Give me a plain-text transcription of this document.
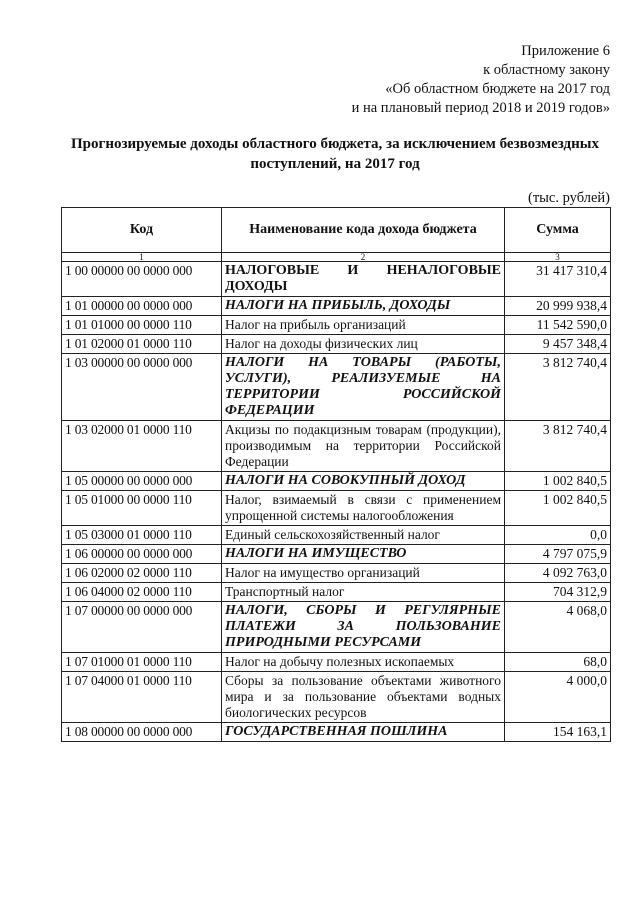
Приложение 6
к областному закону
«Об областном бюджете на 2017 год
и на плановый период 2018 и 2019 годов»
Прогнозируемые доходы областного бюджета, за исключением безвозмездных
поступлений, на 2017 год
(тыс. рублей)
Код	Наименование кода дохода бюджета	Сумма
1	2	3
1 00 00000 00 0000 000	НАЛОГОВЫЕ И НЕНАЛОГОВЫЕ ДОХОДЫ	31 417 310,4
1 01 00000 00 0000 000	НАЛОГИ НА ПРИБЫЛЬ, ДОХОДЫ	20 999 938,4
1 01 01000 00 0000 110	Налог на прибыль организаций	11 542 590,0
1 01 02000 01 0000 110	Налог на доходы физических лиц	9 457 348,4
1 03 00000 00 0000 000	НАЛОГИ НА ТОВАРЫ (РАБОТЫ, УСЛУГИ), РЕАЛИЗУЕМЫЕ НА ТЕРРИТОРИИ РОССИЙСКОЙ ФЕДЕРАЦИИ	3 812 740,4
1 03 02000 01 0000 110	Акцизы по подакцизным товарам (продукции), производимым на территории Российской Федерации	3 812 740,4
1 05 00000 00 0000 000	НАЛОГИ НА СОВОКУПНЫЙ ДОХОД	1 002 840,5
1 05 01000 00 0000 110	Налог, взимаемый в связи с применением упрощенной системы налогообложения	1 002 840,5
1 05 03000 01 0000 110	Единый сельскохозяйственный налог	0,0
1 06 00000 00 0000 000	НАЛОГИ НА ИМУЩЕСТВО	4 797 075,9
1 06 02000 02 0000 110	Налог на имущество организаций	4 092 763,0
1 06 04000 02 0000 110	Транспортный налог	704 312,9
1 07 00000 00 0000 000	НАЛОГИ, СБОРЫ И РЕГУЛЯРНЫЕ ПЛАТЕЖИ ЗА ПОЛЬЗОВАНИЕ ПРИРОДНЫМИ РЕСУРСАМИ	4 068,0
1 07 01000 01 0000 110	Налог на добычу полезных ископаемых	68,0
1 07 04000 01 0000 110	Сборы за пользование объектами животного мира и за пользование объектами водных биологических ресурсов	4 000,0
1 08 00000 00 0000 000	ГОСУДАРСТВЕННАЯ ПОШЛИНА	154 163,1
